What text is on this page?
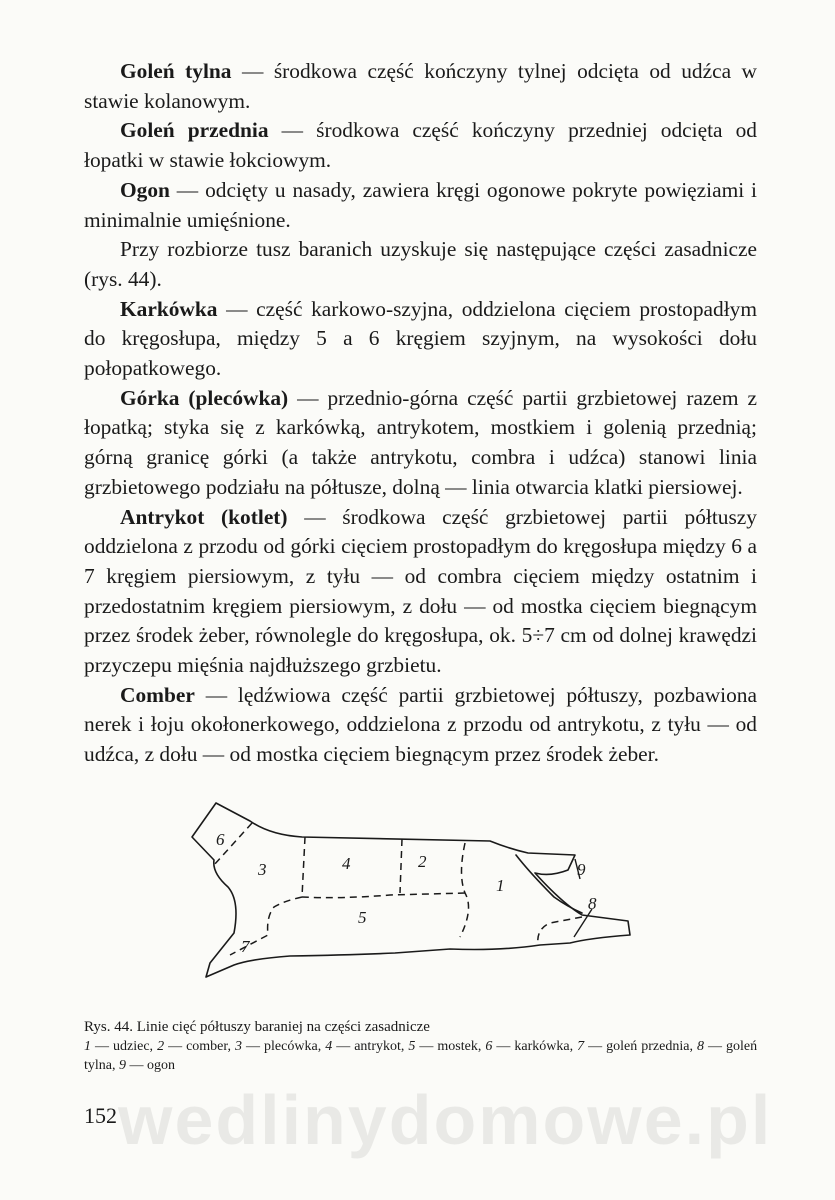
Goleń tylna — środkowa część kończyny tylnej odcięta od udźca w stawie kolanowym.

Goleń przednia — środkowa część kończyny przedniej odcięta od łopatki w stawie łokciowym.

Ogon — odcięty u nasady, zawiera kręgi ogonowe pokryte powięziami i minimalnie umięśnione.

Przy rozbiorze tusz baranich uzyskuje się następujące części zasadnicze (rys. 44).

Karkówka — część karkowo-szyjna, oddzielona cięciem prostopadłym do kręgosłupa, między 5 a 6 kręgiem szyjnym, na wysokości dołu połopatkowego.

Górka (plecówka) — przednio-górna część partii grzbietowej razem z łopatką; styka się z karkówką, antrykotem, mostkiem i golenią przednią; górną granicę górki (a także antrykotu, combra i udźca) stanowi linia grzbietowego podziału na półtusze, dolną — linia otwarcia klatki piersiowej.

Antrykot (kotlet) — środkowa część grzbietowej partii półtuszy oddzielona z przodu od górki cięciem prostopadłym do kręgosłupa między 6 a 7 kręgiem piersiowym, z tyłu — od combra cięciem między ostatnim i przedostatnim kręgiem piersiowym, z dołu — od mostka cięciem biegnącym przez środek żeber, równolegle do kręgosłupa, ok. 5÷7 cm od dolnej krawędzi przyczepu mięśnia najdłuższego grzbietu.

Comber — lędźwiowa część partii grzbietowej półtuszy, pozbawiona nerek i łoju okołonerkowego, oddzielona z przodu od antrykotu, z tyłu — od udźca, z dołu — od mostka cięciem biegnącym przez środek żeber.

6
3	4	2
1
5
7
8
9

Rys. 44. Linie cięć półtuszy baraniej na części zasadnicze

1 — udziec, 2 — comber, 3 — plecówka, 4 — antrykot, 5 — mostek, 6 — karkówka, 7 — goleń przednia, 8 — goleń tylna, 9 — ogon

wedlinydomowe.pl
152
